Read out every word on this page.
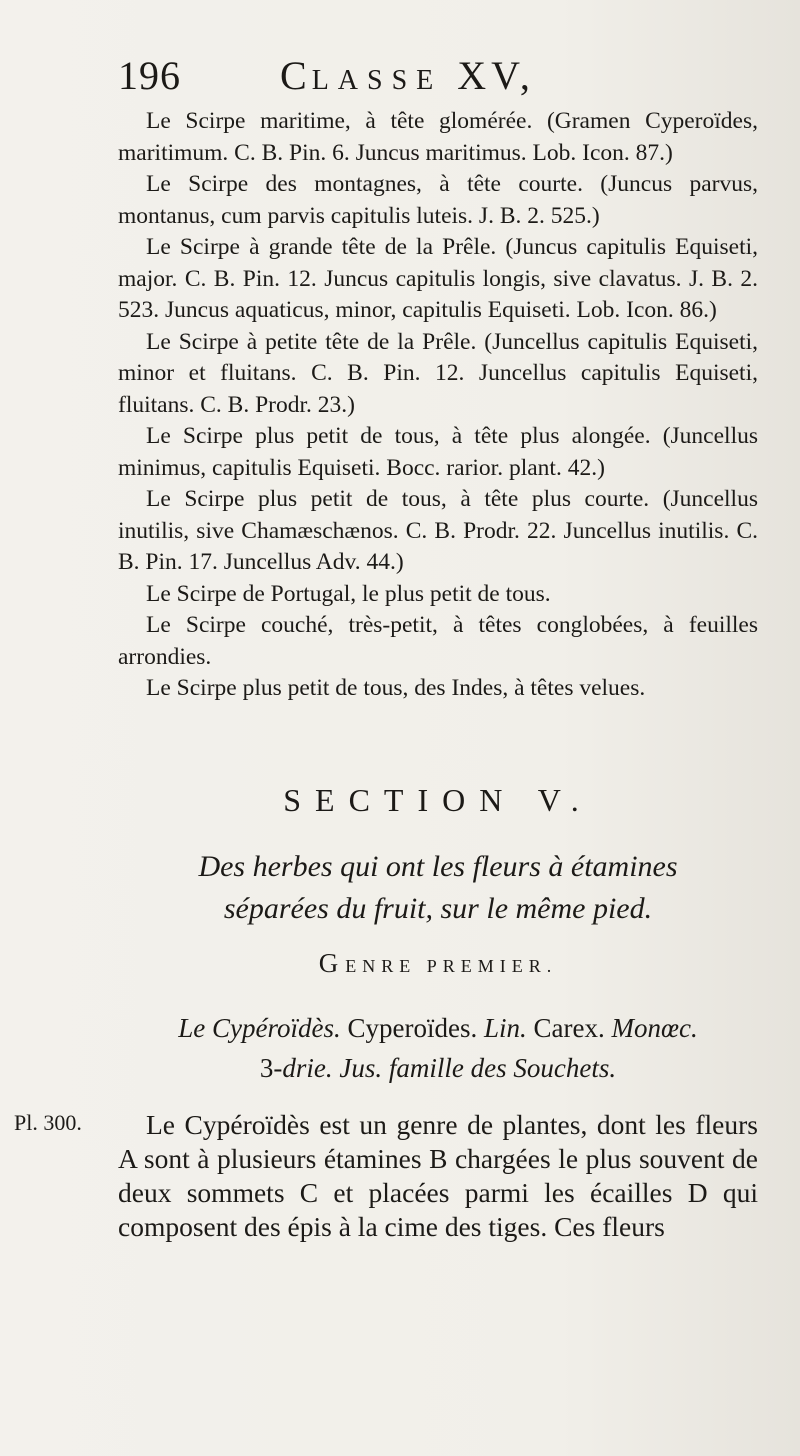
196 CLASSE XV,

Le Scirpe maritime, à tête glomérée. (Gramen Cyperoïdes, maritimum. C. B. Pin. 6. Juncus maritimus. Lob. Icon. 87.)

Le Scirpe des montagnes, à tête courte. (Juncus parvus, montanus, cum parvis capitulis luteis. J. B. 2. 525.)

Le Scirpe à grande tête de la Prêle. (Juncus capitulis Equiseti, major. C. B. Pin. 12. Juncus capitulis longis, sive clavatus. J. B. 2. 523. Juncus aquaticus, minor, capitulis Equiseti. Lob. Icon. 86.)

Le Scirpe à petite tête de la Prêle. (Juncellus capitulis Equiseti, minor et fluitans. C. B. Pin. 12. Juncellus capitulis Equiseti, fluitans. C. B. Prodr. 23.)

Le Scirpe plus petit de tous, à tête plus alongée. (Juncellus minimus, capitulis Equiseti. Bocc. rarior. plant. 42.)

Le Scirpe plus petit de tous, à tête plus courte. (Juncellus inutilis, sive Chamæschænos. C. B. Prodr. 22. Juncellus inutilis. C. B. Pin. 17. Juncellus Adv. 44.)

Le Scirpe de Portugal, le plus petit de tous.

Le Scirpe couché, très-petit, à têtes conglobées, à feuilles arrondies.

Le Scirpe plus petit de tous, des Indes, à têtes velues.

SECTION V.
Des herbes qui ont les fleurs à étamines
séparées du fruit, sur le même pied.
GENRE PREMIER.
Le Cypéroïdès. Cyperoïdes. Lin. Carex. Monœc.
3-drie. Jus. famille des Souchets.
Pl. 300.	Le Cypéroïdès est un genre de plantes, dont les fleurs A sont à plusieurs étamines B chargées le plus souvent de deux sommets C et placées parmi les écailles D qui composent des épis à la cime des tiges. Ces fleurs
